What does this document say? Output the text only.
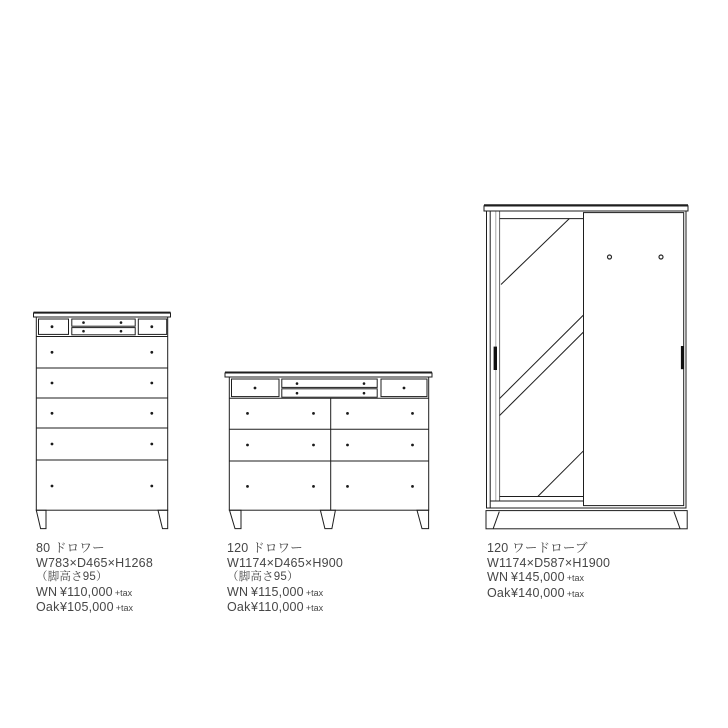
80 ドロワー
W783×D465×H1268
（脚高さ95）
WN ¥110,000 +tax
Oak¥105,000 +tax
120 ドロワー
W1174×D465×H900
（脚高さ95）
WN ¥115,000 +tax
Oak¥110,000 +tax
120 ワードローブ
W1174×D587×H1900
WN ¥145,000 +tax
Oak¥140,000 +tax
